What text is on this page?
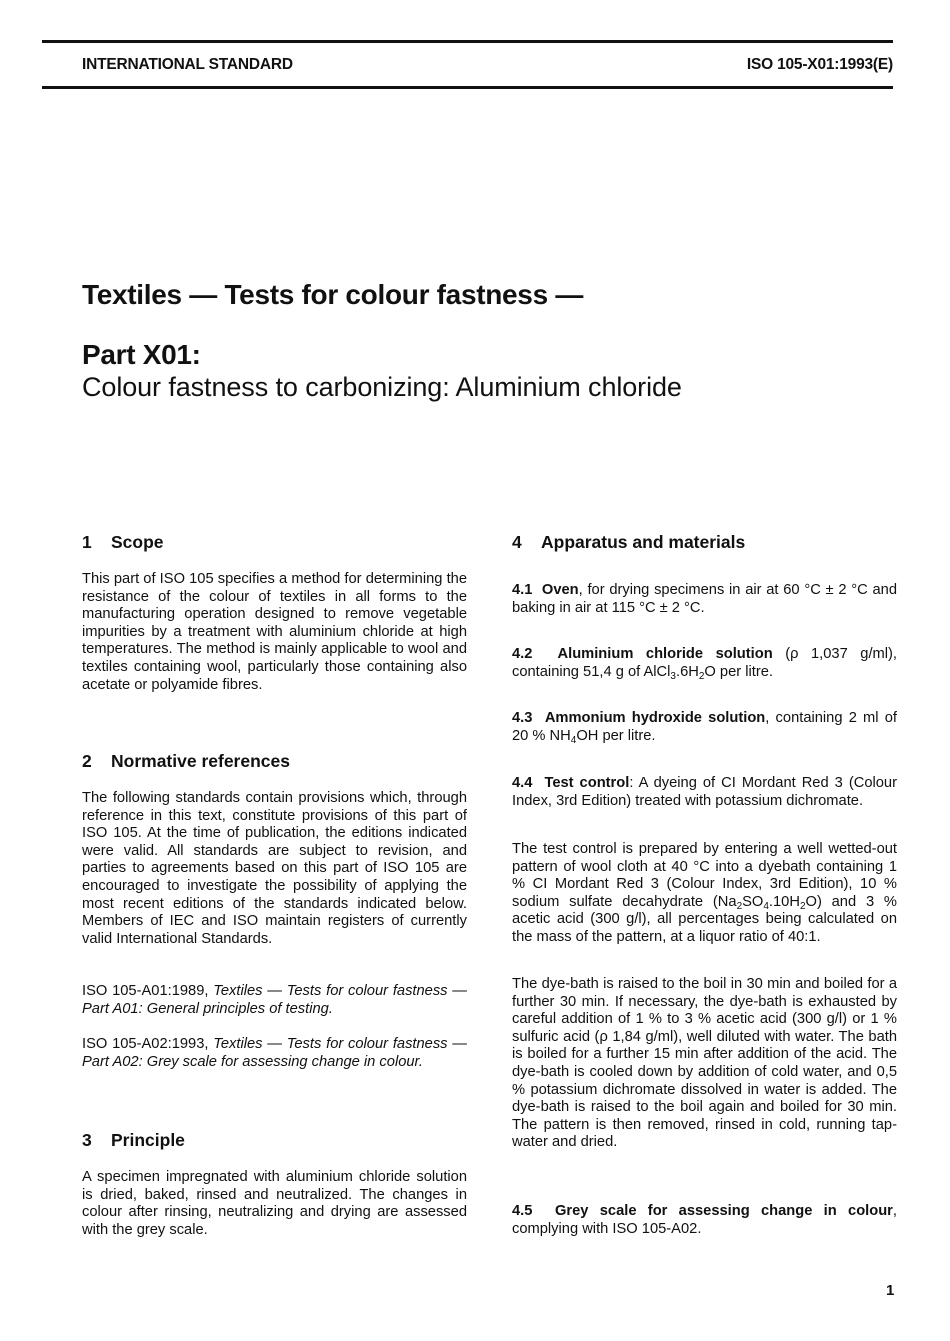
INTERNATIONAL STANDARD	ISO 105-X01:1993(E)
Textiles — Tests for colour fastness —
Part X01:
Colour fastness to carbonizing: Aluminium chloride
1 Scope

This part of ISO 105 specifies a method for determining the resistance of the colour of textiles in all forms to the manufacturing operation designed to remove vegetable impurities by a treatment with aluminium chloride at high temperatures. The method is mainly applicable to wool and textiles containing wool, particularly those containing also acetate or polyamide fibres.

2 Normative references

The following standards contain provisions which, through reference in this text, constitute provisions of this part of ISO 105. At the time of publication, the editions indicated were valid. All standards are subject to revision, and parties to agreements based on this part of ISO 105 are encouraged to investigate the possibility of applying the most recent editions of the standards indicated below. Members of IEC and ISO maintain registers of currently valid International Standards.

ISO 105-A01:1989, Textiles — Tests for colour fastness — Part A01: General principles of testing.

ISO 105-A02:1993, Textiles — Tests for colour fastness — Part A02: Grey scale for assessing change in colour.

3 Principle

A specimen impregnated with aluminium chloride solution is dried, baked, rinsed and neutralized. The changes in colour after rinsing, neutralizing and drying are assessed with the grey scale.

4 Apparatus and materials

4.1 Oven, for drying specimens in air at 60 °C ± 2 °C and baking in air at 115 °C ± 2 °C.

4.2 Aluminium chloride solution (ρ 1,037 g/ml), containing 51,4 g of $AlCl_3.6H_2O$ per litre.

4.3 Ammonium hydroxide solution, containing 2 ml of 20 % $NH_4OH$ per litre.

4.4 Test control: A dyeing of CI Mordant Red 3 (Colour Index, 3rd Edition) treated with potassium dichromate.

The test control is prepared by entering a well wetted-out pattern of wool cloth at 40 °C into a dyebath containing 1 % CI Mordant Red 3 (Colour Index, 3rd Edition), 10 % sodium sulfate decahydrate $(Na_2SO_4.10H_2O)$ and 3 % acetic acid (300 g/l), all percentages being calculated on the mass of the pattern, at a liquor ratio of 40:1.

The dye-bath is raised to the boil in 30 min and boiled for a further 30 min. If necessary, the dye-bath is exhausted by careful addition of 1 % to 3 % acetic acid (300 g/l) or 1 % sulfuric acid (ρ 1,84 g/ml), well diluted with water. The bath is boiled for a further 15 min after addition of the acid. The dye-bath is cooled down by addition of cold water, and 0,5 % potassium dichromate dissolved in water is added. The dye-bath is raised to the boil again and boiled for 30 min. The pattern is then removed, rinsed in cold, running tap-water and dried.

4.5 Grey scale for assessing change in colour, complying with ISO 105-A02.

1
